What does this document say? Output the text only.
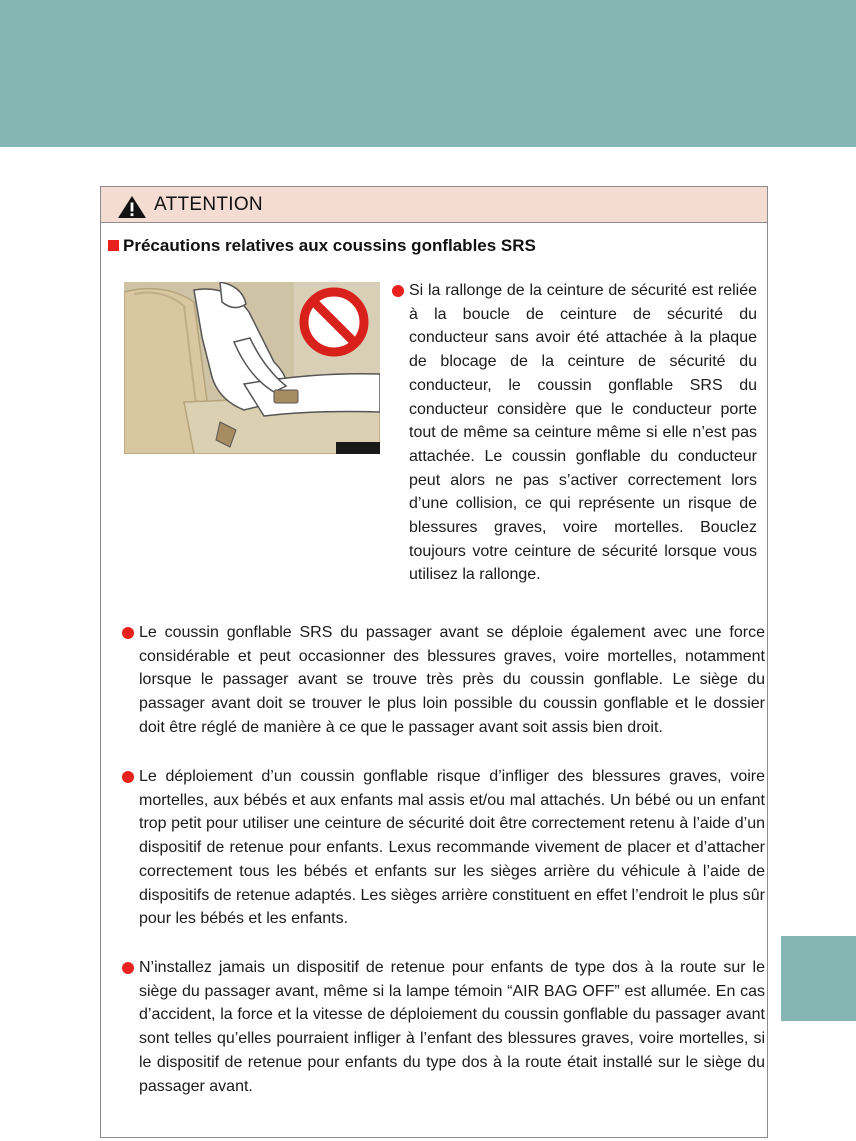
ATTENTION
Précautions relatives aux coussins gonflables SRS
Si la rallonge de la ceinture de sécurité est reliée à la boucle de ceinture de sécurité du conducteur sans avoir été attachée à la plaque de blocage de la ceinture de sécurité du conducteur, le coussin gonflable SRS du conducteur considère que le conducteur porte tout de même sa ceinture même si elle n’est pas attachée. Le coussin gonflable du conducteur peut alors ne pas s’activer correctement lors d’une collision, ce qui représente un risque de blessures graves, voire mortelles. Bouclez toujours votre ceinture de sécurité lorsque vous utilisez la rallonge.
Le coussin gonflable SRS du passager avant se déploie également avec une force considérable et peut occasionner des blessures graves, voire mortelles, notamment lorsque le passager avant se trouve très près du coussin gonflable. Le siège du passager avant doit se trouver le plus loin possible du coussin gonflable et le dossier doit être réglé de manière à ce que le passager avant soit assis bien droit.
Le déploiement d’un coussin gonflable risque d’infliger des blessures graves, voire mortelles, aux bébés et aux enfants mal assis et/ou mal attachés. Un bébé ou un enfant trop petit pour utiliser une ceinture de sécurité doit être correctement retenu à l’aide d’un dispositif de retenue pour enfants. Lexus recommande vivement de placer et d’attacher correctement tous les bébés et enfants sur les sièges arrière du véhicule à l’aide de dispositifs de retenue adaptés. Les sièges arrière constituent en effet l’endroit le plus sûr pour les bébés et les enfants.
N’installez jamais un dispositif de retenue pour enfants de type dos à la route sur le siège du passager avant, même si la lampe témoin “AIR BAG OFF” est allumée. En cas d’accident, la force et la vitesse de déploiement du coussin gonflable du passager avant sont telles qu’elles pourraient infliger à l’enfant des blessures graves, voire mortelles, si le dispositif de retenue pour enfants du type dos à la route était installé sur le siège du passager avant.
